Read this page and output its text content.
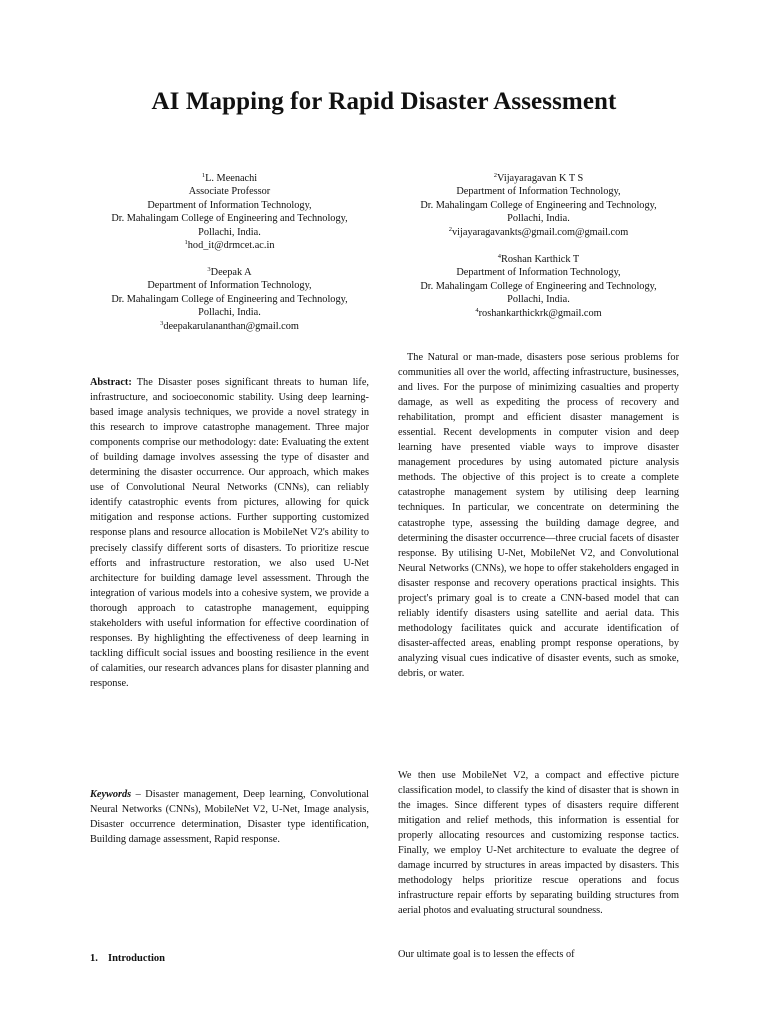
AI Mapping for Rapid Disaster Assessment
$^1$L. Meenachi
Associate Professor
Department of Information Technology,
Dr. Mahalingam College of Engineering and Technology,
Pollachi, India.
$^1$hod_it@drmcet.ac.in
$^2$Vijayaragavan K T S
Department of Information Technology,
Dr. Mahalingam College of Engineering and Technology,
Pollachi, India.
$^2$vijayaragavankts@gmail.com@gmail.com
$^3$Deepak A
Department of Information Technology,
Dr. Mahalingam College of Engineering and Technology,
Pollachi, India.
$^3$deepakarulananthan@gmail.com
$^4$Roshan Karthick T
Department of Information Technology,
Dr. Mahalingam College of Engineering and Technology,
Pollachi, India.
$^4$roshankarthickrk@gmail.com
Abstract: The Disaster poses significant threats to human life, infrastructure, and socioeconomic stability. Using deep learning-based image analysis techniques, we provide a novel strategy in this research to improve catastrophe management. Three major components comprise our methodology: date: Evaluating the extent of building damage involves assessing the type of disaster and determining the disaster occurrence. Our approach, which makes use of Convolutional Neural Networks (CNNs), can reliably identify catastrophic events from pictures, allowing for quick mitigation and response actions. Further supporting customized response plans and resource allocation is MobileNet V2's ability to precisely classify different sorts of disasters. To prioritize rescue efforts and infrastructure restoration, we also used U-Net architecture for building damage level assessment. Through the integration of various models into a cohesive system, we provide a thorough approach to catastrophe management, equipping stakeholders with useful information for effective coordination of responses. By highlighting the effectiveness of deep learning in tackling difficult social issues and boosting resilience in the event of calamities, our research advances plans for disaster planning and response.
Keywords – Disaster management, Deep learning, Convolutional Neural Networks (CNNs), MobileNet V2, U-Net, Image analysis, Disaster occurrence determination, Disaster type identification, Building damage assessment, Rapid response.
1. Introduction
The Natural or man-made, disasters pose serious problems for communities all over the world, affecting infrastructure, businesses, and lives. For the purpose of minimizing casualties and property damage, as well as expediting the process of recovery and rehabilitation, prompt and efficient disaster management is essential. Recent developments in computer vision and deep learning have presented viable ways to improve disaster management procedures by using automated picture analysis methods. The objective of this project is to create a complete catastrophe management system by utilising deep learning techniques. In particular, we concentrate on determining the catastrophe type, assessing the building damage degree, and determining the disaster occurrence—three crucial facets of disaster response. By utilising U-Net, MobileNet V2, and Convolutional Neural Networks (CNNs), we hope to offer stakeholders engaged in disaster response and recovery operations practical insights. This project's primary goal is to create a CNN-based model that can reliably identify disasters using satellite and aerial data. This methodology facilitates quick and accurate identification of disaster-affected areas, enabling prompt response operations, by analyzing visual cues indicative of disaster events, such as smoke, debris, or water.
We then use MobileNet V2, a compact and effective picture classification model, to classify the kind of disaster that is shown in the images. Since different types of disasters require different mitigation and relief methods, this information is essential for properly allocating resources and customizing response tactics. Finally, we employ U-Net architecture to evaluate the degree of damage incurred by structures in areas impacted by disasters. This methodology helps prioritize rescue operations and focus infrastructure repair efforts by separating building structures from aerial photos and evaluating structural soundness.
Our ultimate goal is to lessen the effects of
